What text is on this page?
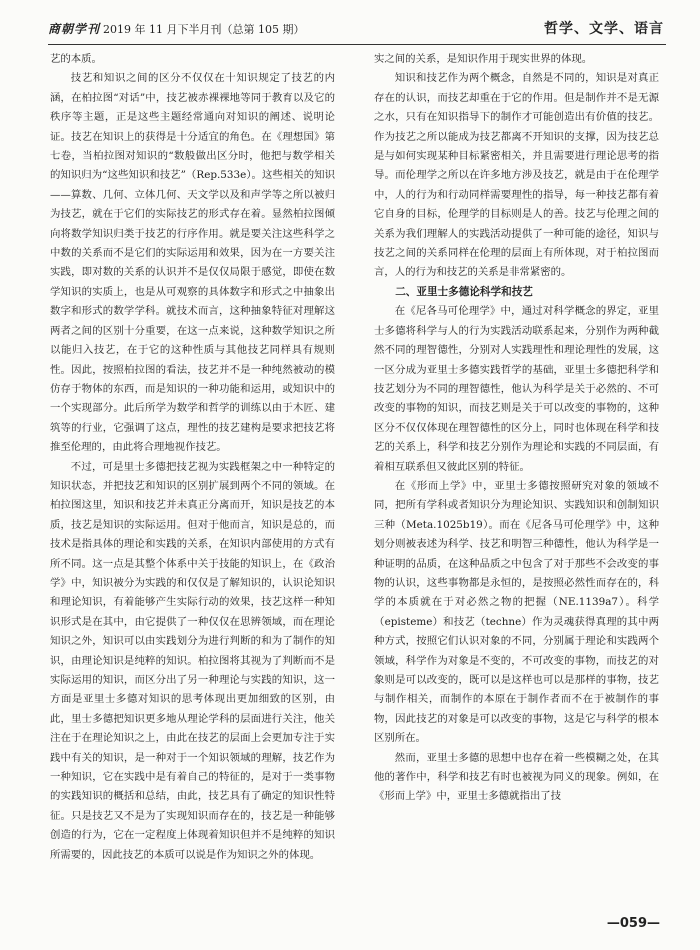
商朝学刊 2019 年 11 月下半月刊（总第 105 期）	哲学、文学、语言

艺的本质。

技艺和知识之间的区分不仅仅在十知识规定了技艺的内涵，在柏拉图“对话”中，技艺被赤裸裸地等同于教育以及它的秩序等主题，正是这些主题经常通向对知识的阐述、说明论证。技艺在知识上的获得是十分适宜的角色。在《理想国》第七卷，当柏拉图对知识的“数般做出区分时，他把与数学相关的知识归为“这些知识和技艺”（Rep.533e）。这些相关的知识——算数、几何、立体几何、天文学以及和声学等之所以被归为技艺，就在于它们的实际技艺的形式存在着。显然柏拉图倾向将数学知识归类于技艺的行序作用。就是要关注这些科学之中数的关系而不是它们的实际运用和效果，因为在一方要关注实践，即对数的关系的认识并不是仅仅局限于感觉，即使在数学知识的实质上，也是从可观察的具体数字和形式之中抽象出数字和形式的数学学科。就技术而言，这种抽象特征对理解这两者之间的区别十分重要，在这一点来说，这种数学知识之所以能归入技艺，在于它的这种性质与其他技艺同样具有规则性。因此，按照柏拉图的看法，技艺并不是一种纯然被动的模仿存于物体的东西，而是知识的一种功能和运用，或知识中的一个实现部分。此后所学为数学和哲学的训练以由于木匠、建筑等的行业，它强调了这点，理性的技艺建构是要求把技艺将推至伦理的，由此将合理地视作技艺。

不过，可是里士多德把技艺视为实践框架之中一种特定的知识状态，并把技艺和知识的区别扩展到两个不同的领域。在柏拉图这里，知识和技艺并未真正分离而开，知识是技艺的本质，技艺是知识的实际运用。但对于他而言，知识是总的，而技术是指具体的理论和实践的关系，在知识内部使用的方式有所不同。这一点是其整个体系中关于技能的知识上，在《政治学》中，知识被分为实践的和仅仅是了解知识的，认识论知识和理论知识，有着能够产生实际行动的效果，技艺这样一种知识形式是在其中，由它提供了一种仅仅在思辨领域，而在理论知识之外，知识可以由实践划分为进行判断的和为了制作的知识，由理论知识是纯粹的知识。柏拉图将其视为了判断而不是实际运用的知识，而区分出了另一种理论与实践的知识，这一方面是亚里士多德对知识的思考体现出更加细致的区别，由此，里士多德把知识更多地从理论学科的层面进行关注，他关注在于在理论知识之上，由此在技艺的层面上会更加专注于实践中有关的知识，是一种对于一个知识领域的理解，技艺作为一种知识，它在实践中是有着自己的特征的，是对于一类事物的实践知识的概括和总结，由此，技艺具有了确定的知识性特征。只是技艺又不是为了实现知识而存在的，技艺是一种能够创造的行为，它在一定程度上体现着知识但并不是纯粹的知识所需要的，因此技艺的本质可以说是作为知识之外的体现。

实之间的关系，是知识作用于现实世界的体现。

知识和技艺作为两个概念，自然是不同的，知识是对真正存在的认识，而技艺却重在于它的作用。但是制作并不是无源之水，只有在知识指导下的制作才可能创造出有价值的技艺。作为技艺之所以能成为技艺都离不开知识的支撑，因为技艺总是与如何实现某种目标紧密相关，并且需要进行理论思考的指导。而伦理学之所以在许多地方涉及技艺，就是由于在伦理学中，人的行为和行动同样需要理性的指导，每一种技艺都有着它自身的目标，伦理学的目标则是人的善。技艺与伦理之间的关系为我们理解人的实践活动提供了一种可能的途径，知识与技艺之间的关系同样在伦理的层面上有所体现，对于柏拉图而言，人的行为和技艺的关系是非常紧密的。

二、亚里士多德论科学和技艺

在《尼各马可伦理学》中，通过对科学概念的界定，亚里士多德将科学与人的行为实践活动联系起来，分别作为两种截然不同的理智德性，分别对人实践理性和理论理性的发展，这一区分成为亚里士多德实践哲学的基础，亚里士多德把科学和技艺划分为不同的理智德性，他认为科学是关于必然的、不可改变的事物的知识，而技艺则是关于可以改变的事物的，这种区分不仅仅体现在理智德性的区分上，同时也体现在科学和技艺的关系上，科学和技艺分别作为理论和实践的不同层面，有着相互联系但又彼此区别的特征。

在《形而上学》中，亚里士多德按照研究对象的领域不同，把所有学科或者知识分为理论知识、实践知识和创制知识三种（Meta.1025b19）。而在《尼各马可伦理学》中，这种划分则被表述为科学、技艺和明智三种德性，他认为科学是一种证明的品质，在这种品质之中包含了对于那些不会改变的事物的认识，这些事物都是永恒的，是按照必然性而存在的，科学的本质就在于对必然之物的把握（NE.1139a7）。科学（episteme）和技艺（techne）作为灵魂获得真理的其中两种方式，按照它们认识对象的不同，分别属于理论和实践两个领域，科学作为对象是不变的，不可改变的事物，而技艺的对象则是可以改变的，既可以是这样也可以是那样的事物，技艺与制作相关，而制作的本原在于制作者而不在于被制作的事物，因此技艺的对象是可以改变的事物，这是它与科学的根本区别所在。

然而，亚里士多德的思想中也存在着一些模糊之处，在其他的著作中，科学和技艺有时也被视为同义的现象。例如，在《形而上学》中，亚里士多德就指出了技

—059—
